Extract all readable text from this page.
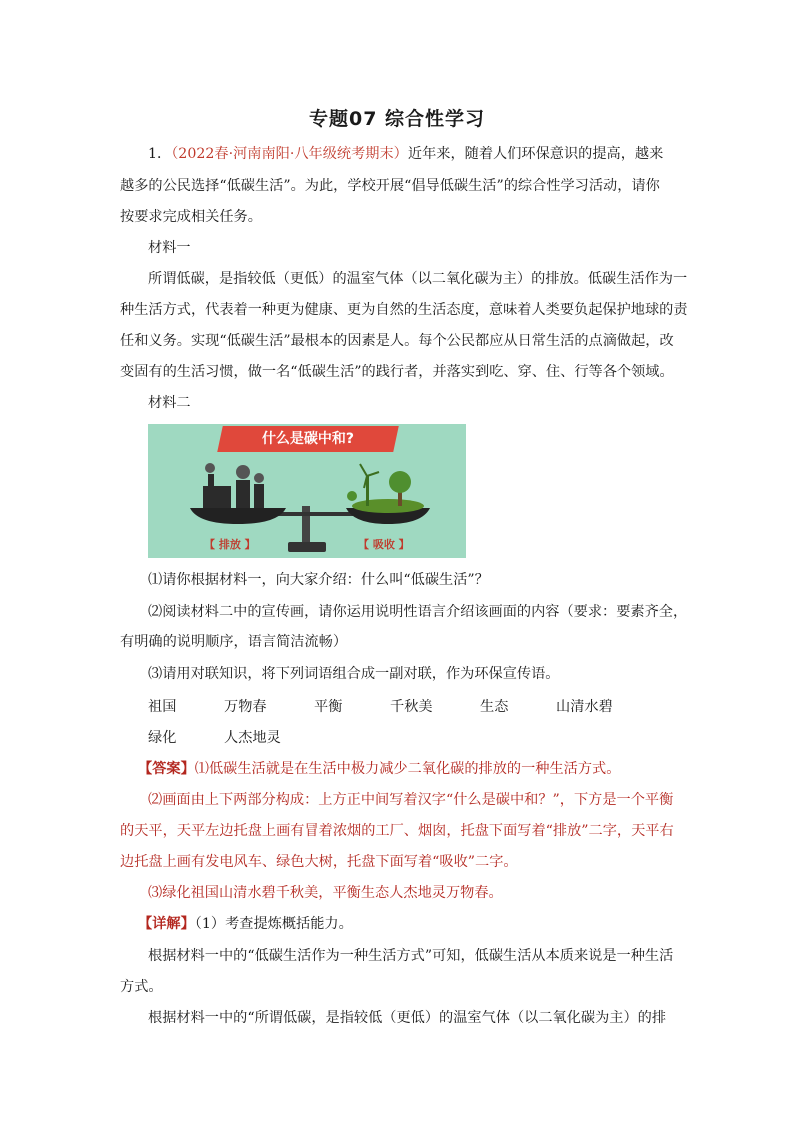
专题07 综合性学习
1．（2022春·河南南阳·八年级统考期末）近年来，随着人们环保意识的提高，越来
越多的公民选择“低碳生活”。为此，学校开展“倡导低碳生活”的综合性学习活动，请你
按要求完成相关任务。
材料一
所谓低碳，是指较低（更低）的温室气体（以二氧化碳为主）的排放。低碳生活作为一
种生活方式，代表着一种更为健康、更为自然的生活态度，意味着人类要负起保护地球的责
任和义务。实现“低碳生活”最根本的因素是人。每个公民都应从日常生活的点滴做起，改
变固有的生活习惯，做一名“低碳生活”的践行者，并落实到吃、穿、住、行等各个领域。
材料二
什么是碳中和?
【 排放 】	【 吸收 】
⑴请你根据材料一，向大家介绍：什么叫“低碳生活”？
⑵阅读材料二中的宣传画，请你运用说明性语言介绍该画面的内容（要求：要素齐全，
有明确的说明顺序，语言简洁流畅）
⑶请用对联知识，将下列词语组合成一副对联，作为环保宣传语。
祖国	万物春	平衡	千秋美	生态	山清水碧
绿化	人杰地灵
【答案】⑴低碳生活就是在生活中极力减少二氧化碳的排放的一种生活方式。
⑵画面由上下两部分构成：上方正中间写着汉字“什么是碳中和？”，下方是一个平衡
的天平，天平左边托盘上画有冒着浓烟的工厂、烟囱，托盘下面写着“排放”二字，天平右
边托盘上画有发电风车、绿色大树，托盘下面写着“吸收”二字。
⑶绿化祖国山清水碧千秋美，平衡生态人杰地灵万物春。
【详解】（1）考查提炼概括能力。
根据材料一中的“低碳生活作为一种生活方式”可知，低碳生活从本质来说是一种生活
方式。
根据材料一中的“所谓低碳，是指较低（更低）的温室气体（以二氧化碳为主）的排
